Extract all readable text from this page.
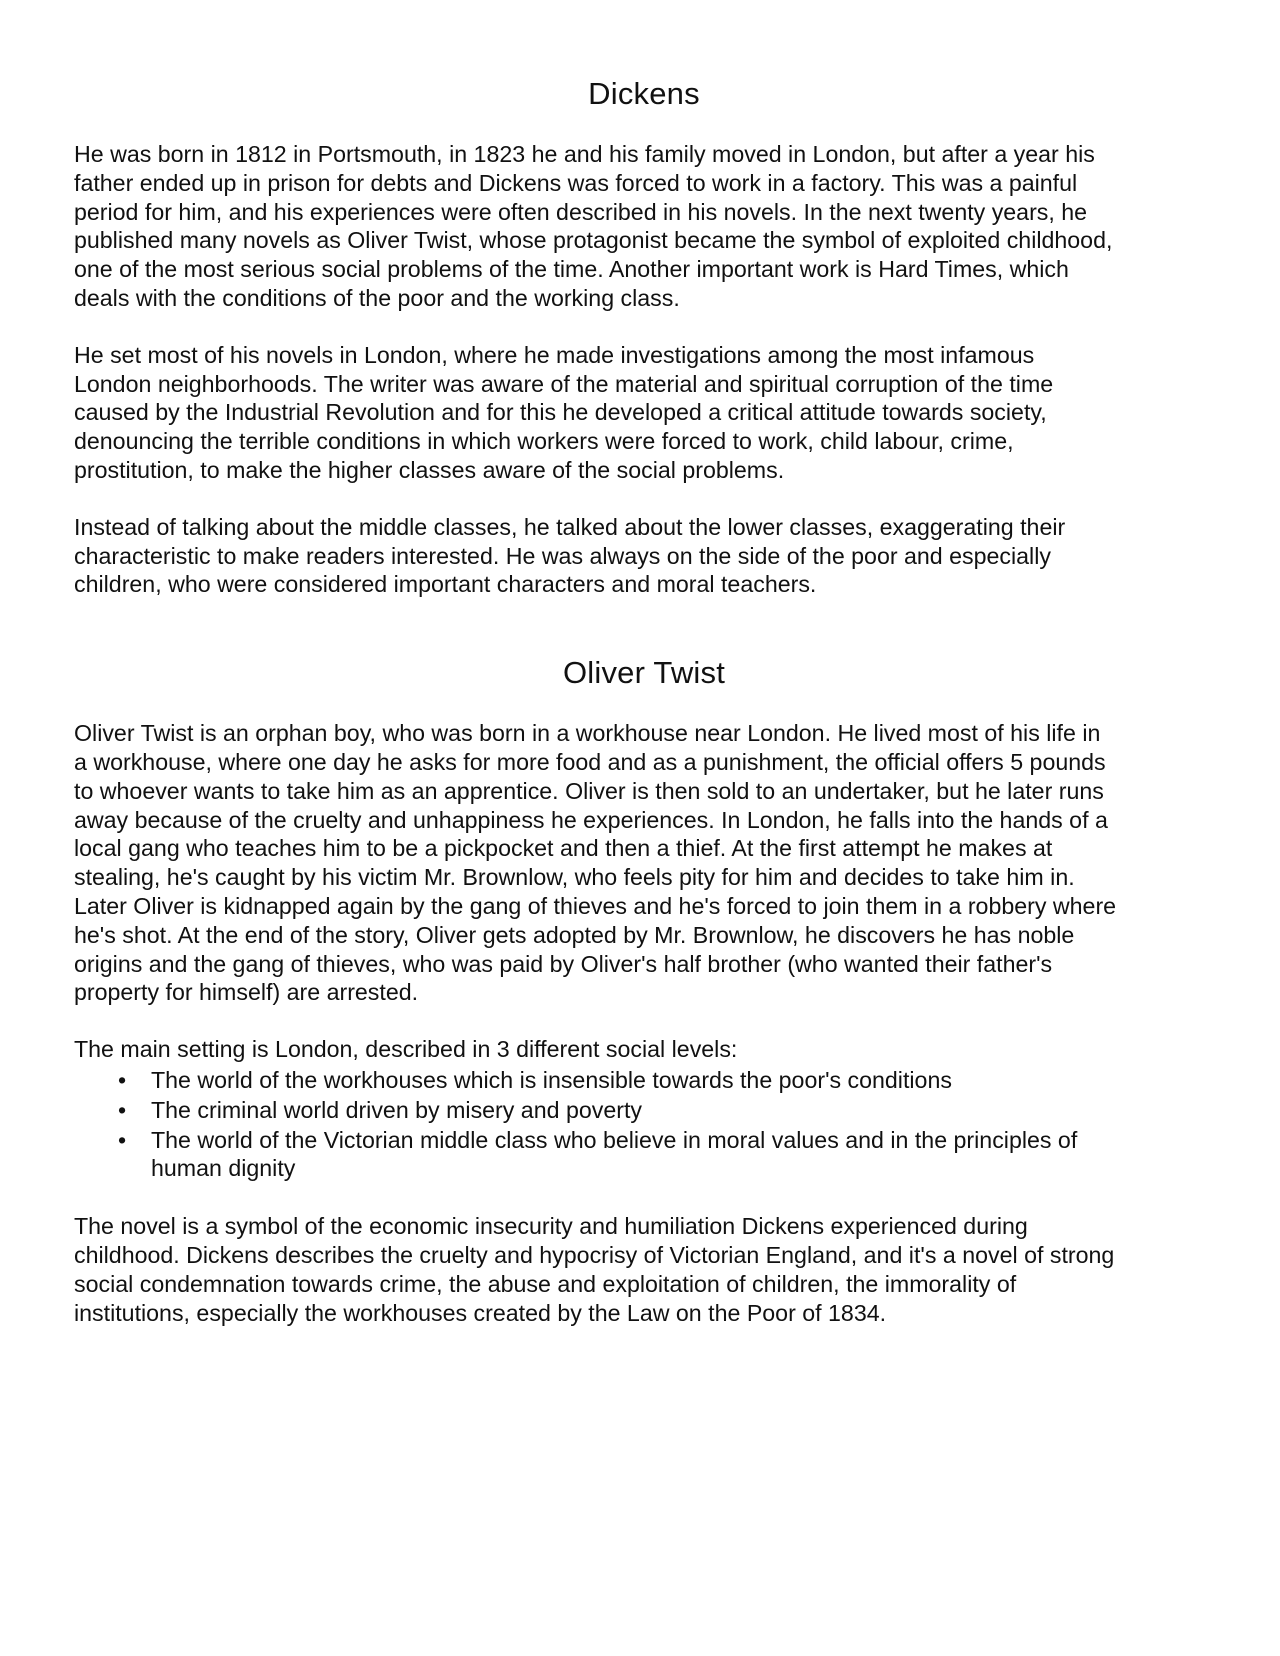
Dickens

He was born in 1812 in Portsmouth, in 1823 he and his family moved in London, but after a year his
father ended up in prison for debts and Dickens was forced to work in a factory. This was a painful
period for him, and his experiences were often described in his novels. In the next twenty years, he
published many novels as Oliver Twist, whose protagonist became the symbol of exploited childhood,
one of the most serious social problems of the time. Another important work is Hard Times, which
deals with the conditions of the poor and the working class.

He set most of his novels in London, where he made investigations among the most infamous
London neighborhoods. The writer was aware of the material and spiritual corruption of the time
caused by the Industrial Revolution and for this he developed a critical attitude towards society,
denouncing the terrible conditions in which workers were forced to work, child labour, crime,
prostitution, to make the higher classes aware of the social problems.

Instead of talking about the middle classes, he talked about the lower classes, exaggerating their
characteristic to make readers interested. He was always on the side of the poor and especially
children, who were considered important characters and moral teachers.

Oliver Twist

Oliver Twist is an orphan boy, who was born in a workhouse near London. He lived most of his life in
a workhouse, where one day he asks for more food and as a punishment, the official offers 5 pounds
to whoever wants to take him as an apprentice. Oliver is then sold to an undertaker, but he later runs
away because of the cruelty and unhappiness he experiences. In London, he falls into the hands of a
local gang who teaches him to be a pickpocket and then a thief. At the first attempt he makes at
stealing, he's caught by his victim Mr. Brownlow, who feels pity for him and decides to take him in.
Later Oliver is kidnapped again by the gang of thieves and he's forced to join them in a robbery where
he's shot. At the end of the story, Oliver gets adopted by Mr. Brownlow, he discovers he has noble
origins and the gang of thieves, who was paid by Oliver's half brother (who wanted their father's
property for himself) are arrested.

The main setting is London, described in 3 different social levels:

• The world of the workhouses which is insensible towards the poor's conditions
• The criminal world driven by misery and poverty
• The world of the Victorian middle class who believe in moral values and in the principles of
human dignity

The novel is a symbol of the economic insecurity and humiliation Dickens experienced during
childhood. Dickens describes the cruelty and hypocrisy of Victorian England, and it's a novel of strong
social condemnation towards crime, the abuse and exploitation of children, the immorality of
institutions, especially the workhouses created by the Law on the Poor of 1834.
